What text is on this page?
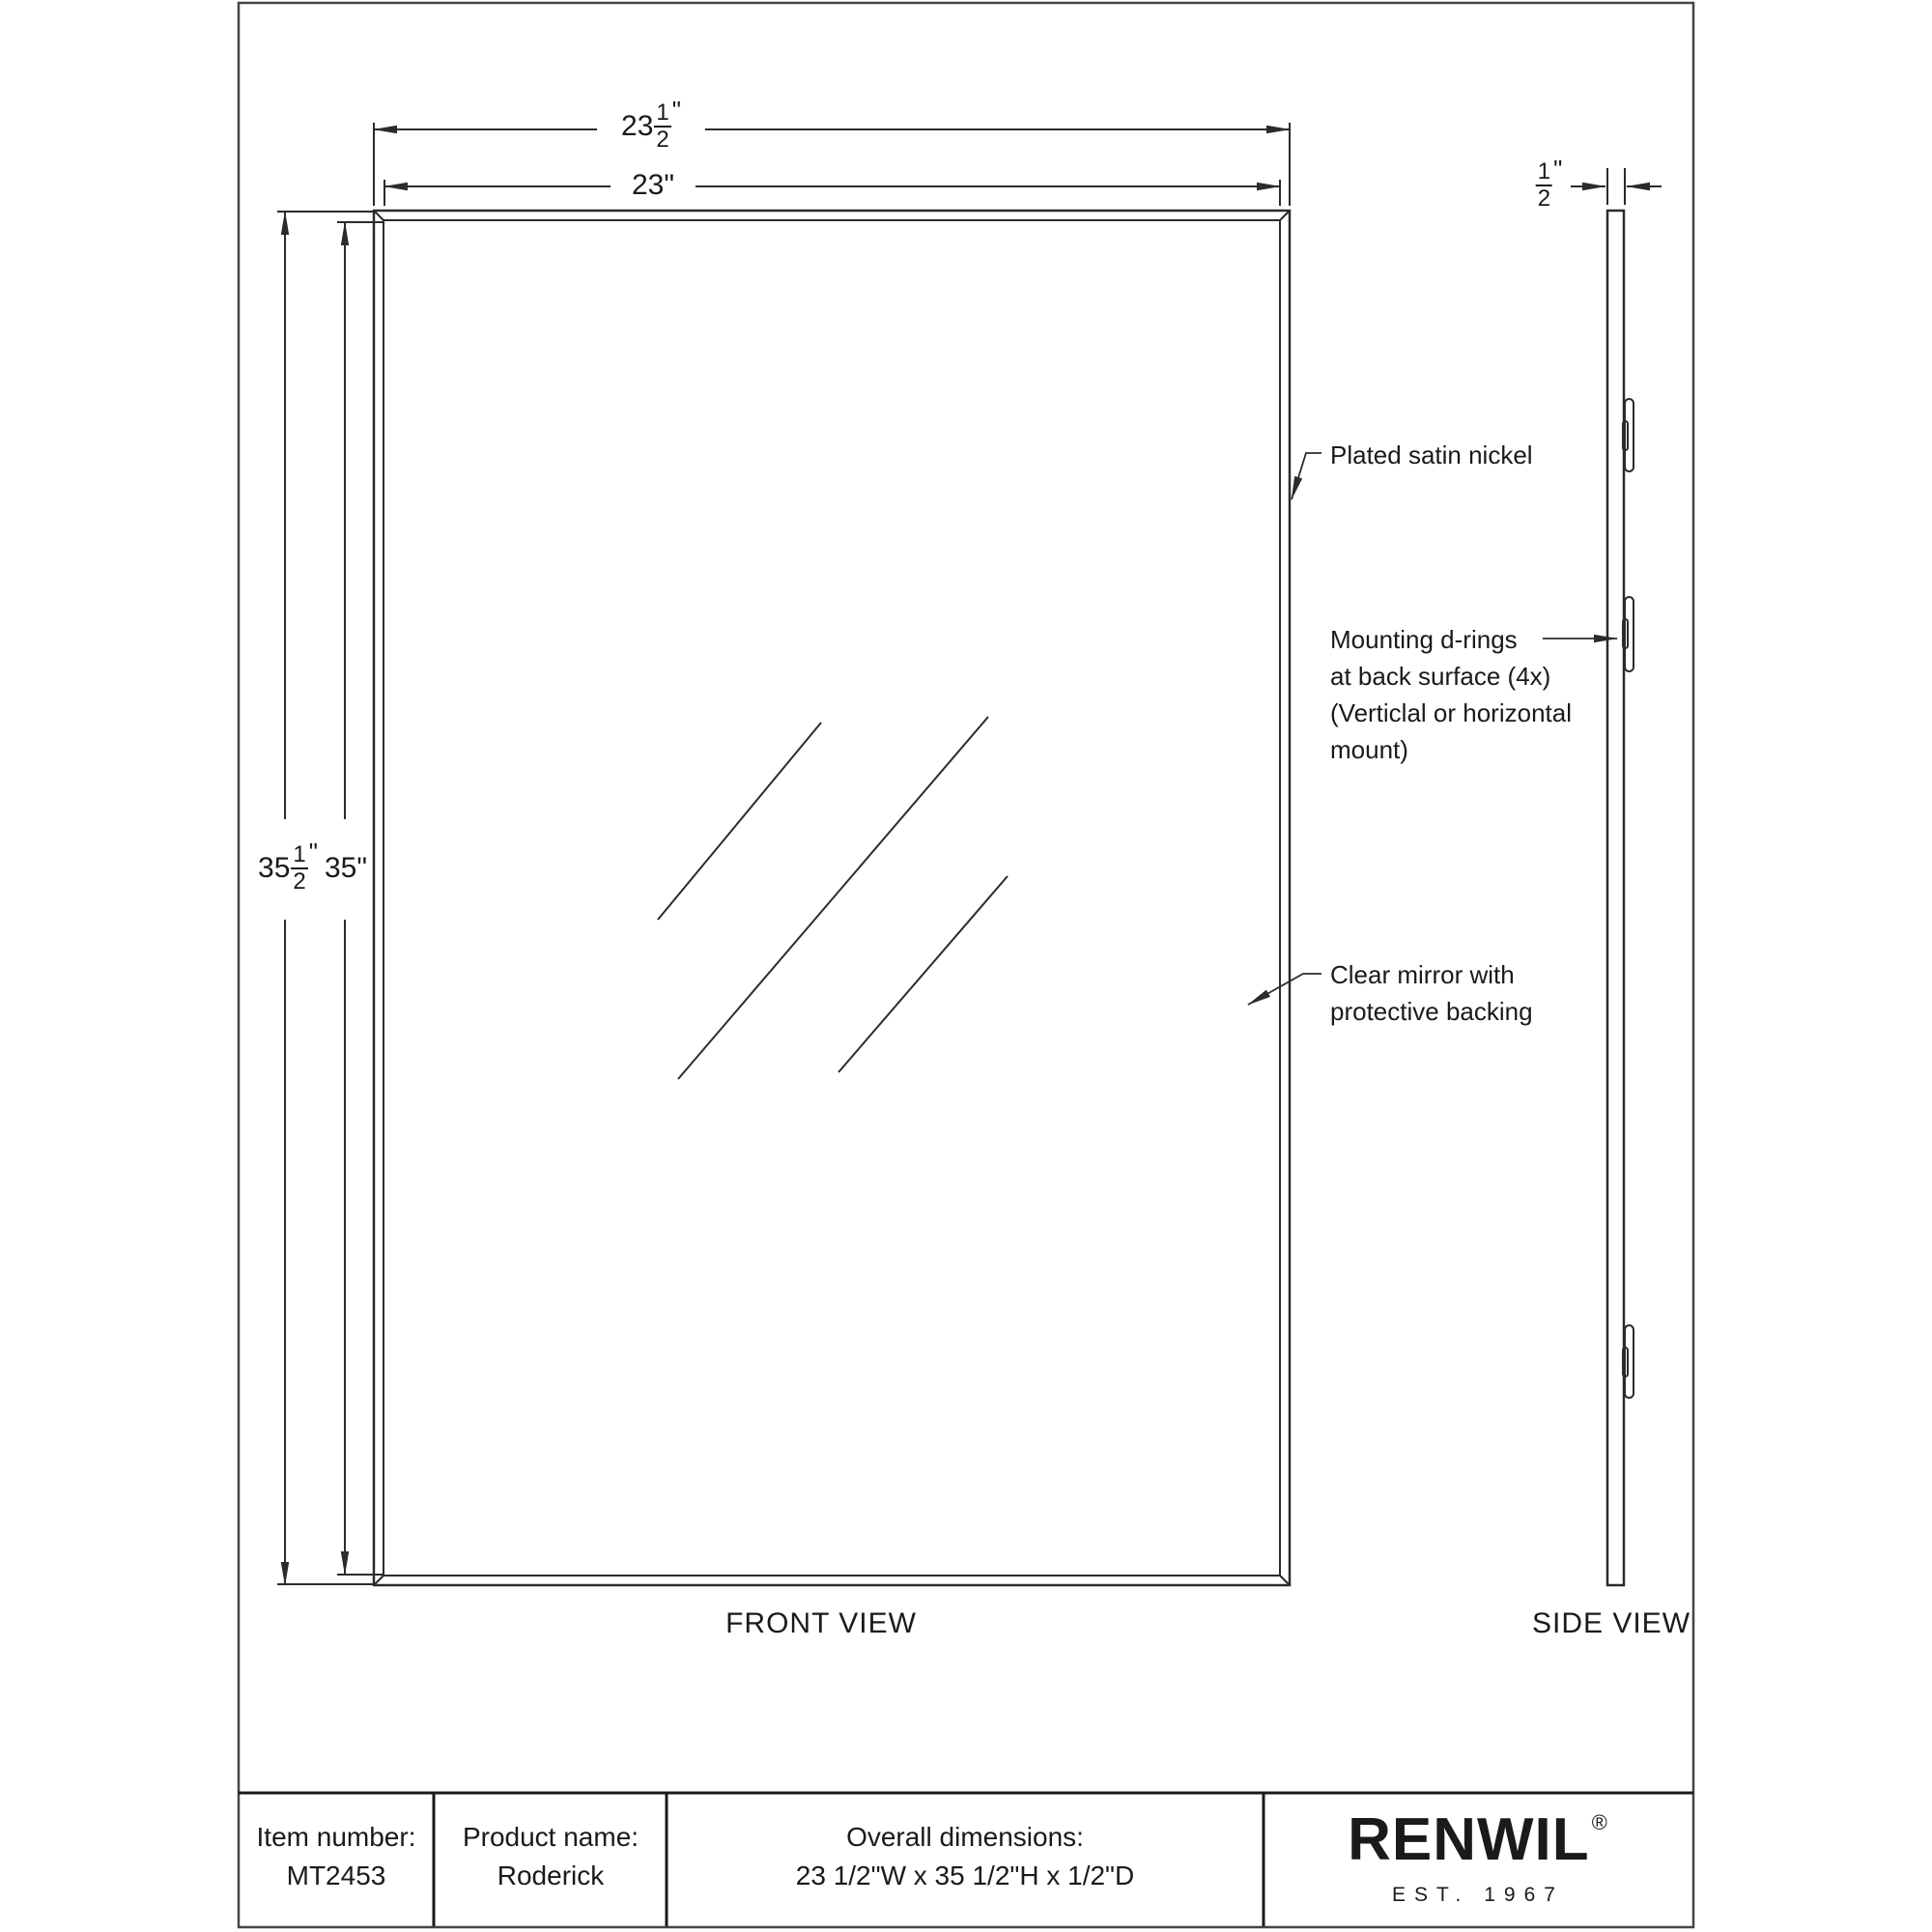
$23 \frac{1}{2}$ "
23"
$35 \frac{1}{2}$ " 35"
$\frac{1}{2}$ "
Plated satin nickel
Mounting d-rings
at back surface (4x)
(Verticlal or horizontal
mount)
Clear mirror with
protective backing
FRONT VIEW	SIDE VIEW
Item number:
MT2453
Product name:
Roderick
Overall dimensions:
23 1/2"W x 35 1/2"H x 1/2"D
RENWIL ®
EST. 1967
